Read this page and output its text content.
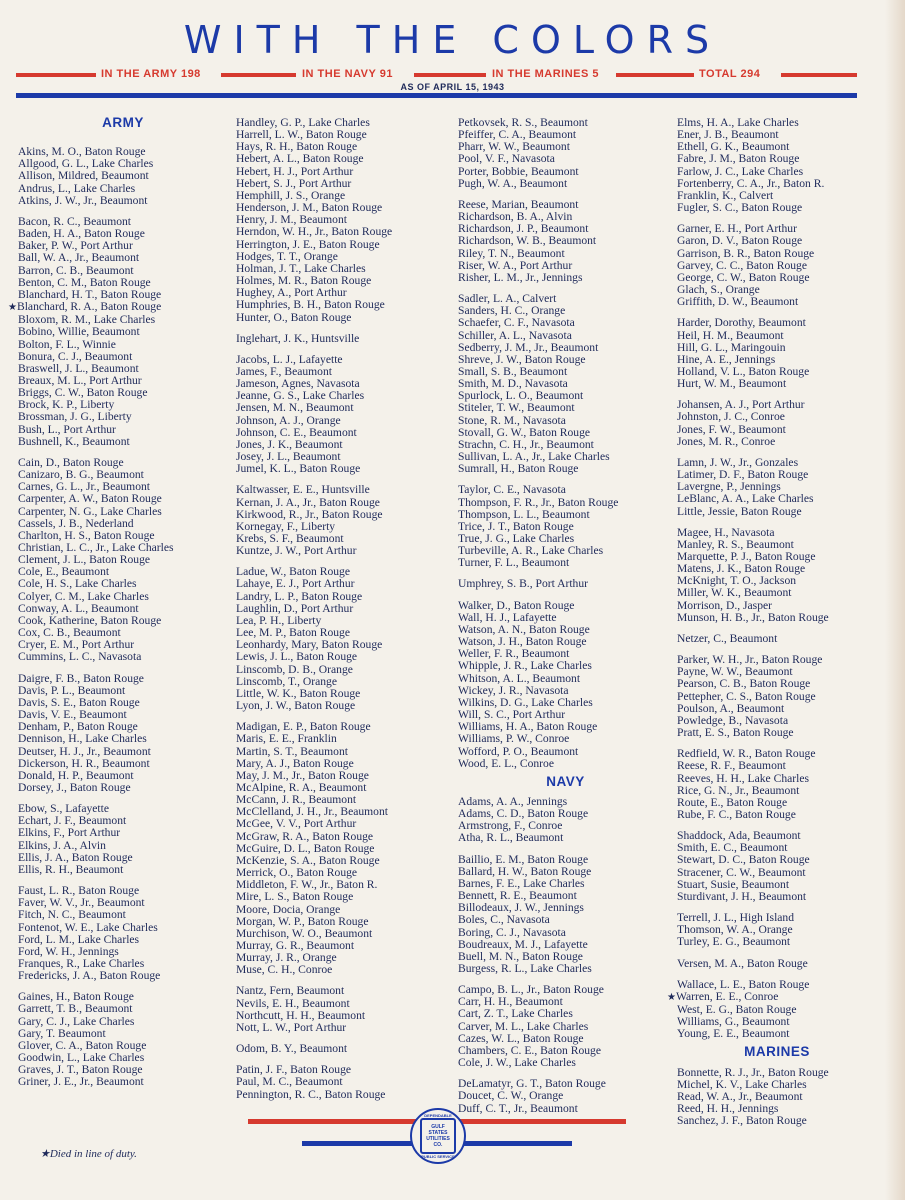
WITH THE COLORS
IN THE ARMY 198	IN THE NAVY 91	IN THE MARINES 5	TOTAL 294
AS OF APRIL 15, 1943
ARMY
Akins, M. O., Baton Rouge
Allgood, G. L., Lake Charles
Allison, Mildred, Beaumont
Andrus, L., Lake Charles
Atkins, J. W., Jr., Beaumont
Bacon, R. C., Beaumont
Baden, H. A., Baton Rouge
Baker, P. W., Port Arthur
Ball, W. A., Jr., Beaumont
Barron, C. B., Beaumont
Benton, C. M., Baton Rouge
Blanchard, H. T., Baton Rouge
★Blanchard, R. A., Baton Rouge
Bloxom, R. M., Lake Charles
Bobino, Willie, Beaumont
Bolton, F. L., Winnie
Bonura, C. J., Beaumont
Braswell, J. L., Beaumont
Breaux, M. L., Port Arthur
Briggs, C. W., Baton Rouge
Brock, K. P., Liberty
Brossman, J. G., Liberty
Bush, L., Port Arthur
Bushnell, K., Beaumont
Cain, D., Baton Rouge
Canizaro, B. G., Beaumont
Carnes, G. L., Jr., Beaumont
Carpenter, A. W., Baton Rouge
Carpenter, N. G., Lake Charles
Cassels, J. B., Nederland
Charlton, H. S., Baton Rouge
Christian, L. C., Jr., Lake Charles
Clement, J. L., Baton Rouge
Cole, E., Beaumont
Cole, H. S., Lake Charles
Colyer, C. M., Lake Charles
Conway, A. L., Beaumont
Cook, Katherine, Baton Rouge
Cox, C. B., Beaumont
Cryer, E. M., Port Arthur
Cummins, L. C., Navasota
Daigre, F. B., Baton Rouge
Davis, P. L., Beaumont
Davis, S. E., Baton Rouge
Davis, V. E., Beaumont
Denham, P., Baton Rouge
Dennison, H., Lake Charles
Deutser, H. J., Jr., Beaumont
Dickerson, H. R., Beaumont
Donald, H. P., Beaumont
Dorsey, J., Baton Rouge
Ebow, S., Lafayette
Echart, J. F., Beaumont
Elkins, F., Port Arthur
Elkins, J. A., Alvin
Ellis, J. A., Baton Rouge
Ellis, R. H., Beaumont
Faust, L. R., Baton Rouge
Faver, W. V., Jr., Beaumont
Fitch, N. C., Beaumont
Fontenot, W. E., Lake Charles
Ford, L. M., Lake Charles
Ford, W. H., Jennings
Franques, R., Lake Charles
Fredericks, J. A., Baton Rouge
Gaines, H., Baton Rouge
Garrett, T. B., Beaumont
Gary, C. J., Lake Charles
Gary, T. Beaumont
Glover, C. A., Baton Rouge
Goodwin, L., Lake Charles
Graves, J. T., Baton Rouge
Griner, J. E., Jr., Beaumont
Handley, G. P., Lake Charles
Harrell, L. W., Baton Rouge
Hays, R. H., Baton Rouge
Hebert, A. L., Baton Rouge
Hebert, H. J., Port Arthur
Hebert, S. J., Port Arthur
Hemphill, J. S., Orange
Henderson, J. M., Baton Rouge
Henry, J. M., Beaumont
Herndon, W. H., Jr., Baton Rouge
Herrington, J. E., Baton Rouge
Hodges, T. T., Orange
Holman, J. T., Lake Charles
Holmes, M. R., Baton Rouge
Hughey, A., Port Arthur
Humphries, B. H., Baton Rouge
Hunter, O., Baton Rouge
Inglehart, J. K., Huntsville
Jacobs, L. J., Lafayette
James, F., Beaumont
Jameson, Agnes, Navasota
Jeanne, G. S., Lake Charles
Jensen, M. N., Beaumont
Johnson, A. J., Orange
Johnson, C. E., Beaumont
Jones, J. K., Beaumont
Josey, J. L., Beaumont
Jumel, K. L., Baton Rouge
Kaltwasser, E. E., Huntsville
Kernan, J. A., Jr., Baton Rouge
Kirkwood, R., Jr., Baton Rouge
Kornegay, F., Liberty
Krebs, S. F., Beaumont
Kuntze, J. W., Port Arthur
Ladue, W., Baton Rouge
Lahaye, E. J., Port Arthur
Landry, L. P., Baton Rouge
Laughlin, D., Port Arthur
Lea, P. H., Liberty
Lee, M. P., Baton Rouge
Leonhardy, Mary, Baton Rouge
Lewis, J. L., Baton Rouge
Linscomb, D. B., Orange
Linscomb, T., Orange
Little, W. K., Baton Rouge
Lyon, J. W., Baton Rouge
Madigan, E. P., Baton Rouge
Maris, E. E., Franklin
Martin, S. T., Beaumont
Mary, A. J., Baton Rouge
May, J. M., Jr., Baton Rouge
McAlpine, R. A., Beaumont
McCann, J. R., Beaumont
McClelland, J. H., Jr., Beaumont
McGee, V. V., Port Arthur
McGraw, R. A., Baton Rouge
McGuire, D. L., Baton Rouge
McKenzie, S. A., Baton Rouge
Merrick, O., Baton Rouge
Middleton, F. W., Jr., Baton R.
Mire, L. S., Baton Rouge
Moore, Docia, Orange
Morgan, W. P., Baton Rouge
Murchison, W. O., Beaumont
Murray, G. R., Beaumont
Murray, J. R., Orange
Muse, C. H., Conroe
Nantz, Fern, Beaumont
Nevils, E. H., Beaumont
Northcutt, H. H., Beaumont
Nott, L. W., Port Arthur
Odom, B. Y., Beaumont
Patin, J. F., Baton Rouge
Paul, M. C., Beaumont
Pennington, R. C., Baton Rouge
Petkovsek, R. S., Beaumont
Pfeiffer, C. A., Beaumont
Pharr, W. W., Beaumont
Pool, V. F., Navasota
Porter, Bobbie, Beaumont
Pugh, W. A., Beaumont
Reese, Marian, Beaumont
Richardson, B. A., Alvin
Richardson, J. P., Beaumont
Richardson, W. B., Beaumont
Riley, T. N., Beaumont
Riser, W. A., Port Arthur
Risher, L. M., Jr., Jennings
Sadler, L. A., Calvert
Sanders, H. C., Orange
Schaefer, C. F., Navasota
Schiller, A. L., Navasota
Sedberry, J. M., Jr., Beaumont
Shreve, J. W., Baton Rouge
Small, S. B., Beaumont
Smith, M. D., Navasota
Spurlock, L. O., Beaumont
Stiteler, T. W., Beaumont
Stone, R. M., Navasota
Stovall, G. W., Baton Rouge
Strachn, C. H., Jr., Beaumont
Sullivan, L. A., Jr., Lake Charles
Sumrall, H., Baton Rouge
Taylor, C. E., Navasota
Thompson, F. R., Jr., Baton Rouge
Thompson, L. L., Beaumont
Trice, J. T., Baton Rouge
True, J. G., Lake Charles
Turbeville, A. R., Lake Charles
Turner, F. L., Beaumont
Umphrey, S. B., Port Arthur
Walker, D., Baton Rouge
Wall, H. J., Lafayette
Watson, A. N., Baton Rouge
Watson, J. H., Baton Rouge
Weller, F. R., Beaumont
Whipple, J. R., Lake Charles
Whitson, A. L., Beaumont
Wickey, J. R., Navasota
Wilkins, D. G., Lake Charles
Will, S. C., Port Arthur
Williams, H. A., Baton Rouge
Williams, P. W., Conroe
Wofford, P. O., Beaumont
Wood, E. L., Conroe
NAVY
Adams, A. A., Jennings
Adams, C. D., Baton Rouge
Armstrong, F., Conroe
Atha, R. L., Beaumont
Baillio, E. M., Baton Rouge
Ballard, H. W., Baton Rouge
Barnes, F. E., Lake Charles
Bennett, R. E., Beaumont
Billodeaux, J. W., Jennings
Boles, C., Navasota
Boring, C. J., Navasota
Boudreaux, M. J., Lafayette
Buell, M. N., Baton Rouge
Burgess, R. L., Lake Charles
Campo, B. L., Jr., Baton Rouge
Carr, H. H., Beaumont
Cart, Z. T., Lake Charles
Carver, M. L., Lake Charles
Cazes, W. L., Baton Rouge
Chambers, C. E., Baton Rouge
Cole, J. W., Lake Charles
DeLamatyr, G. T., Baton Rouge
Doucet, C. W., Orange
Duff, C. T., Jr., Beaumont
Elms, H. A., Lake Charles
Ener, J. B., Beaumont
Ethell, G. K., Beaumont
Fabre, J. M., Baton Rouge
Farlow, J. C., Lake Charles
Fortenberry, C. A., Jr., Baton R.
Franklin, K., Calvert
Fugler, S. C., Baton Rouge
Garner, E. H., Port Arthur
Garon, D. V., Baton Rouge
Garrison, B. R., Baton Rouge
Garvey, C. C., Baton Rouge
George, C. W., Baton Rouge
Glach, S., Orange
Griffith, D. W., Beaumont
Harder, Dorothy, Beaumont
Heil, H. M., Beaumont
Hill, G. L., Maringouin
Hine, A. E., Jennings
Holland, V. L., Baton Rouge
Hurt, W. M., Beaumont
Johansen, A. J., Port Arthur
Johnston, J. C., Conroe
Jones, F. W., Beaumont
Jones, M. R., Conroe
Lamn, J. W., Jr., Gonzales
Latimer, D. F., Baton Rouge
Lavergne, P., Jennings
LeBlanc, A. A., Lake Charles
Little, Jessie, Baton Rouge
Magee, H., Navasota
Manley, R. S., Beaumont
Marquette, P. J., Baton Rouge
Matens, J. K., Baton Rouge
McKnight, T. O., Jackson
Miller, W. K., Beaumont
Morrison, D., Jasper
Munson, H. B., Jr., Baton Rouge
Netzer, C., Beaumont
Parker, W. H., Jr., Baton Rouge
Payne, W. W., Beaumont
Pearson, C. B., Baton Rouge
Pettepher, C. S., Baton Rouge
Poulson, A., Beaumont
Powledge, B., Navasota
Pratt, E. S., Baton Rouge
Redfield, W. R., Baton Rouge
Reese, R. F., Beaumont
Reeves, H. H., Lake Charles
Rice, G. N., Jr., Beaumont
Route, E., Baton Rouge
Rube, F. C., Baton Rouge
Shaddock, Ada, Beaumont
Smith, E. C., Beaumont
Stewart, D. C., Baton Rouge
Stracener, C. W., Beaumont
Stuart, Susie, Beaumont
Sturdivant, J. H., Beaumont
Terrell, J. L., High Island
Thomson, W. A., Orange
Turley, E. G., Beaumont
Versen, M. A., Baton Rouge
Wallace, L. E., Baton Rouge
★Warren, E. E., Conroe
West, E. G., Baton Rouge
Williams, G., Beaumont
Young, E. E., Beaumont
MARINES
Bonnette, R. J., Jr., Baton Rouge
Michel, K. V., Lake Charles
Read, W. A., Jr., Beaumont
Reed, H. H., Jennings
Sanchez, J. F., Baton Rouge
DEPENDABLE
GULF STATES UTILITIES CO.
PUBLIC SERVICE
★Died in line of duty.
